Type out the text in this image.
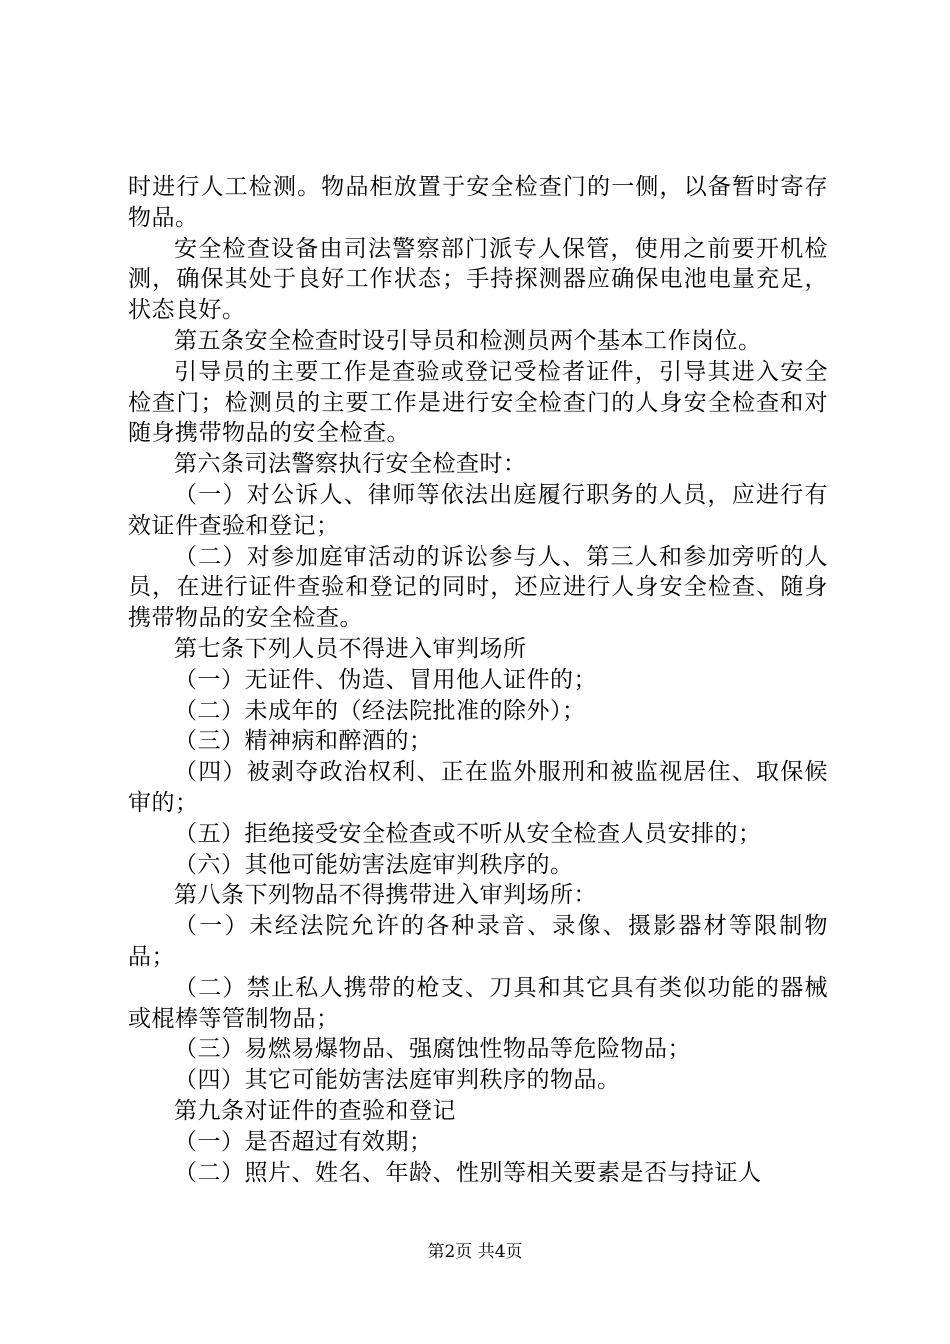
时进行人工检测。物品柜放置于安全检查门的一侧，以备暂时寄存物品。

安全检查设备由司法警察部门派专人保管，使用之前要开机检测，确保其处于良好工作状态；手持探测器应确保电池电量充足，状态良好。

第五条安全检查时设引导员和检测员两个基本工作岗位。

引导员的主要工作是查验或登记受检者证件，引导其进入安全检查门；检测员的主要工作是进行安全检查门的人身安全检查和对随身携带物品的安全检查。

第六条司法警察执行安全检查时：

（一）对公诉人、律师等依法出庭履行职务的人员，应进行有效证件查验和登记；

（二）对参加庭审活动的诉讼参与人、第三人和参加旁听的人员，在进行证件查验和登记的同时，还应进行人身安全检查、随身携带物品的安全检查。

第七条下列人员不得进入审判场所

（一）无证件、伪造、冒用他人证件的；

（二）未成年的（经法院批准的除外）；

（三）精神病和醉酒的；

（四）被剥夺政治权利、正在监外服刑和被监视居住、取保候审的；

（五）拒绝接受安全检查或不听从安全检查人员安排的；

（六）其他可能妨害法庭审判秩序的。

第八条下列物品不得携带进入审判场所：

（一）未经法院允许的各种录音、录像、摄影器材等限制物品；

（二）禁止私人携带的枪支、刀具和其它具有类似功能的器械或棍棒等管制物品；

（三）易燃易爆物品、强腐蚀性物品等危险物品；

（四）其它可能妨害法庭审判秩序的物品。

第九条对证件的查验和登记

（一）是否超过有效期；

（二）照片、姓名、年龄、性别等相关要素是否与持证人

第2页 共4页
